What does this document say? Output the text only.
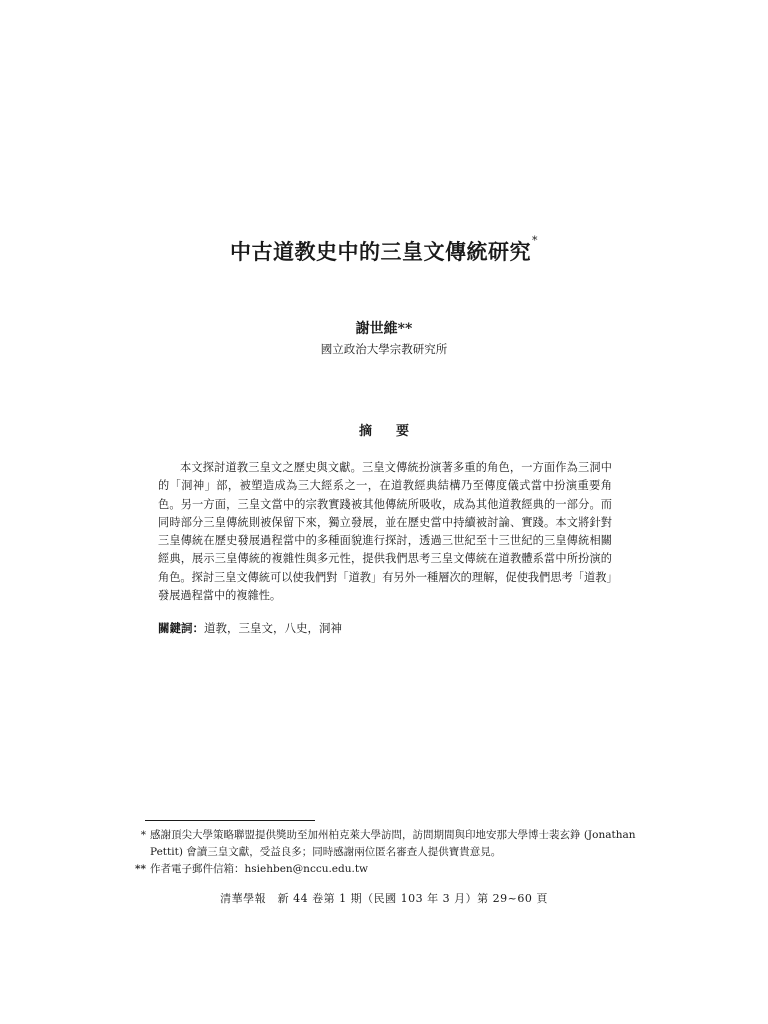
中古道教史中的三皇文傳統研究*
謝世維**
國立政治大學宗教研究所
摘要

本文探討道教三皇文之歷史與文獻。三皇文傳統扮演著多重的角色，一方面作為三洞中的「洞神」部，被塑造成為三大經系之一，在道教經典結構乃至傳度儀式當中扮演重要角色。另一方面，三皇文當中的宗教實踐被其他傳統所吸收，成為其他道教經典的一部分。而同時部分三皇傳統則被保留下來，獨立發展，並在歷史當中持續被討論、實踐。本文將針對三皇傳統在歷史發展過程當中的多種面貌進行探討，透過三世紀至十三世紀的三皇傳統相關經典，展示三皇傳統的複雜性與多元性，提供我們思考三皇文傳統在道教體系當中所扮演的角色。探討三皇文傳統可以使我們對「道教」有另外一種層次的理解，促使我們思考「道教」發展過程當中的複雜性。

關鍵詞：道教，三皇文，八史，洞神
* 感謝頂尖大學策略聯盟提供獎助至加州柏克萊大學訪問，訪問期間與印地安那大學博士裴玄錚 (Jonathan Pettit) 會讀三皇文獻，受益良多；同時感謝兩位匿名審查人提供寶貴意見。
** 作者電子郵件信箱：hsiehben@nccu.edu.tw
清華學報　新 44 卷第 1 期（民國 103 年 3 月）第 29~60 頁
